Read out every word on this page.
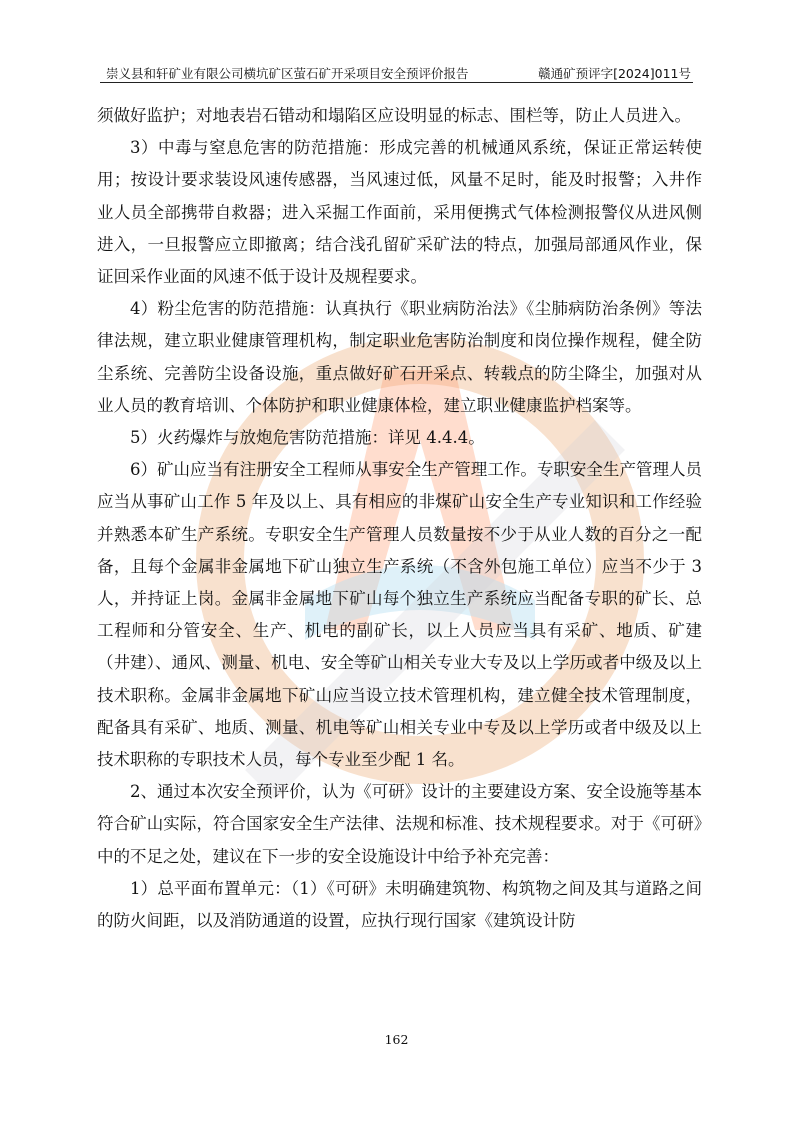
崇义县和轩矿业有限公司横坑矿区萤石矿开采项目安全预评价报告	赣通矿预评字[2024]011号

须做好监护；对地表岩石错动和塌陷区应设明显的标志、围栏等，防止人员进入。

3）中毒与窒息危害的防范措施：形成完善的机械通风系统，保证正常运转使用；按设计要求装设风速传感器，当风速过低，风量不足时，能及时报警；入井作业人员全部携带自救器；进入采掘工作面前，采用便携式气体检测报警仪从进风侧进入，一旦报警应立即撤离；结合浅孔留矿采矿法的特点，加强局部通风作业，保证回采作业面的风速不低于设计及规程要求。

4）粉尘危害的防范措施：认真执行《职业病防治法》《尘肺病防治条例》等法律法规，建立职业健康管理机构，制定职业危害防治制度和岗位操作规程，健全防尘系统、完善防尘设备设施，重点做好矿石开采点、转载点的防尘降尘，加强对从业人员的教育培训、个体防护和职业健康体检，建立职业健康监护档案等。

5）火药爆炸与放炮危害防范措施：详见 4.4.4。

6）矿山应当有注册安全工程师从事安全生产管理工作。专职安全生产管理人员应当从事矿山工作 5 年及以上、具有相应的非煤矿山安全生产专业知识和工作经验并熟悉本矿生产系统。专职安全生产管理人员数量按不少于从业人数的百分之一配备，且每个金属非金属地下矿山独立生产系统（不含外包施工单位）应当不少于 3 人，并持证上岗。金属非金属地下矿山每个独立生产系统应当配备专职的矿长、总工程师和分管安全、生产、机电的副矿长，以上人员应当具有采矿、地质、矿建（井建）、通风、测量、机电、安全等矿山相关专业大专及以上学历或者中级及以上技术职称。金属非金属地下矿山应当设立技术管理机构，建立健全技术管理制度，配备具有采矿、地质、测量、机电等矿山相关专业中专及以上学历或者中级及以上技术职称的专职技术人员，每个专业至少配 1 名。

2、通过本次安全预评价，认为《可研》设计的主要建设方案、安全设施等基本符合矿山实际，符合国家安全生产法律、法规和标准、技术规程要求。对于《可研》中的不足之处，建议在下一步的安全设施设计中给予补充完善：

1）总平面布置单元：（1）《可研》未明确建筑物、构筑物之间及其与道路之间的防火间距，以及消防通道的设置，应执行现行国家《建筑设计防

162
